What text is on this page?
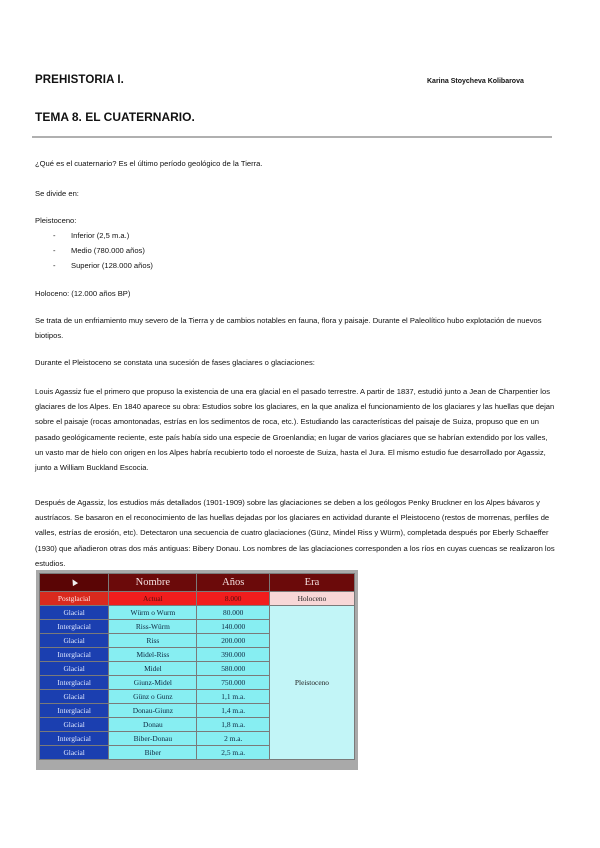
PREHISTORIA I.	Karina Stoycheva Kolibarova
TEMA 8. EL CUATERNARIO.

¿Qué es el cuaternario? Es el último período geológico de la Tierra.

Se divide en:

Pleistoceno:

- Inferior (2,5 m.a.)
- Medio (780.000 años)
- Superior (128.000 años)

Holoceno: (12.000 años BP)

Se trata de un enfriamiento muy severo de la Tierra y de cambios notables en fauna, flora y paisaje. Durante el Paleolítico hubo explotación de nuevos biotipos.

Durante el Pleistoceno se constata una sucesión de fases glaciares o glaciaciones:

Louis Agassiz fue el primero que propuso la existencia de una era glacial en el pasado terrestre. A partir de 1837, estudió junto a Jean de Charpentier los glaciares de los Alpes. En 1840 aparece su obra: Estudios sobre los glaciares, en la que analiza el funcionamiento de los glaciares y las huellas que dejan sobre el paisaje (rocas amontonadas, estrías en los sedimentos de roca, etc.). Estudiando las características del paisaje de Suiza, propuso que en un pasado geológicamente reciente, este país había sido una especie de Groenlandia; en lugar de varios glaciares que se habrían extendido por los valles, un vasto mar de hielo con origen en los Alpes habría recubierto todo el noroeste de Suiza, hasta el Jura. El mismo estudio fue desarrollado por Agassiz, junto a William Buckland Escocia.

Después de Agassiz, los estudios más detallados (1901-1909) sobre las glaciaciones se deben a los geólogos Penky Bruckner en los Alpes bávaros y austríacos. Se basaron en el reconocimiento de las huellas dejadas por los glaciares en actividad durante el Pleistoceno (restos de morrenas, perfiles de valles, estrías de erosión, etc). Detectaron una secuencia de cuatro glaciaciones (Günz, Mindel Riss y Würm), completada después por Eberly Schaeffer (1930) que añadieron otras dos más antiguas: Bibery Donau. Los nombres de las glaciaciones corresponden a los ríos en cuyas cuencas se realizaron los estudios.

	Nombre	Años	Era
Postglacial	Actual	8.000	Holoceno
Glacial	Würm o Wurm	80.000	Pleistoceno
Interglacial	Riss-Würm	140.000	
Glacial	Riss	200.000	
Interglacial	Midel-Riss	390.000	
Glacial	Midel	580.000	
Interglacial	Giunz-Midel	750.000	
Glacial	Günz o Gunz	1,1 m.a.	
Interglacial	Donau-Giunz	1,4 m.a.	
Glacial	Donau	1,8 m.a.	
Interglacial	Biber-Donau	2 m.a.	
Glacial	Biber	2,5 m.a.	
